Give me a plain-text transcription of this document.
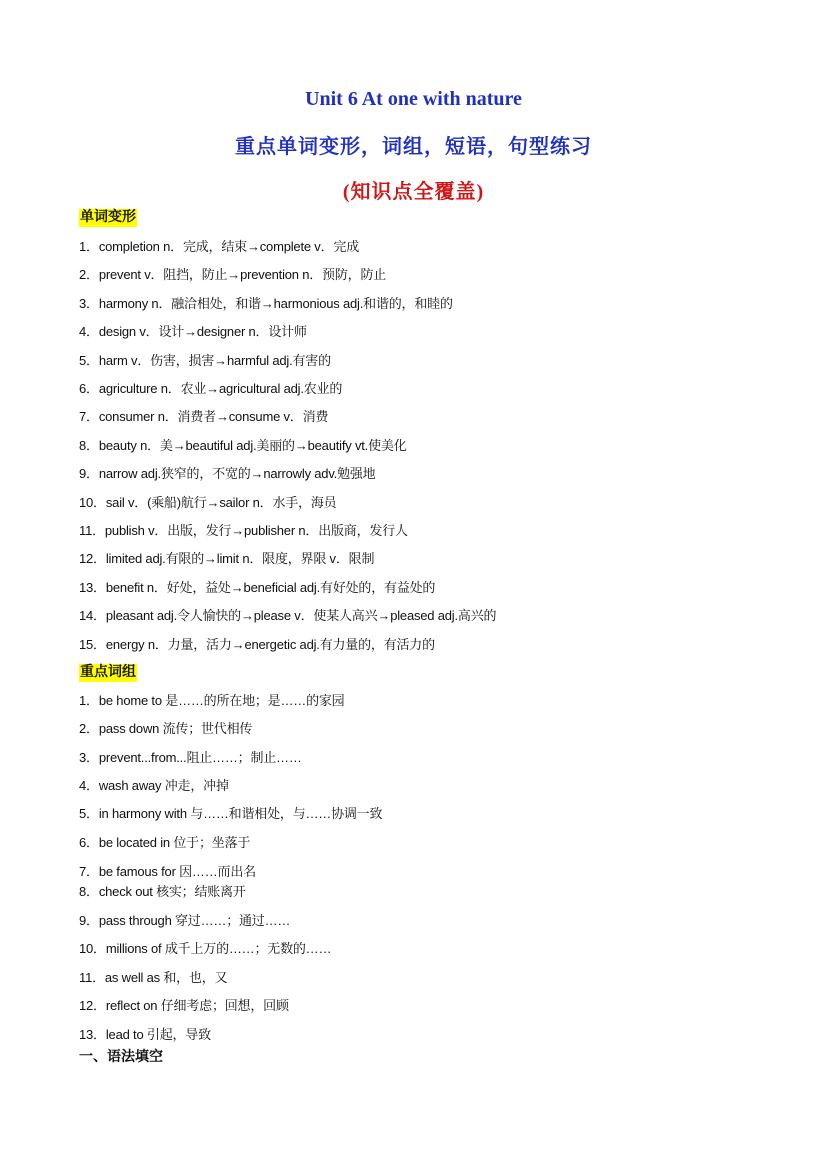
Unit 6 At one with nature
重点单词变形，词组，短语，句型练习
(知识点全覆盖)
单词变形
1．completion n．完成，结束→complete v．完成
2．prevent v．阻挡，防止→prevention n．预防，防止
3．harmony n．融洽相处，和谐→harmonious adj.和谐的，和睦的
4．design v．设计→designer n．设计师
5．harm v．伤害，损害→harmful adj.有害的
6．agriculture n．农业→agricultural adj.农业的
7．consumer n．消费者→consume v．消费
8．beauty n．美→beautiful adj.美丽的→beautify vt.使美化
9．narrow adj.狭窄的，不宽的→narrowly adv.勉强地
10．sail v．(乘船)航行→sailor n．水手，海员
11．publish v．出版，发行→publisher n．出版商，发行人
12．limited adj.有限的→limit n．限度，界限 v．限制
13．benefit n．好处，益处→beneficial adj.有好处的，有益处的
14．pleasant adj.令人愉快的→please v．使某人高兴→pleased adj.高兴的
15．energy n．力量，活力→energetic adj.有力量的，有活力的
重点词组
1．be home to 是……的所在地；是……的家园
2．pass down 流传；世代相传
3．prevent...from...阻止……；制止……
4．wash away 冲走，冲掉
5．in harmony with 与……和谐相处，与……协调一致
6．be located in 位于；坐落于
7．be famous for 因……而出名
8．check out 核实；结账离开
9．pass through 穿过……；通过……
10．millions of 成千上万的……；无数的……
11．as well as 和，也，又
12．reflect on 仔细考虑；回想，回顾
13．lead to 引起，导致
一、语法填空
